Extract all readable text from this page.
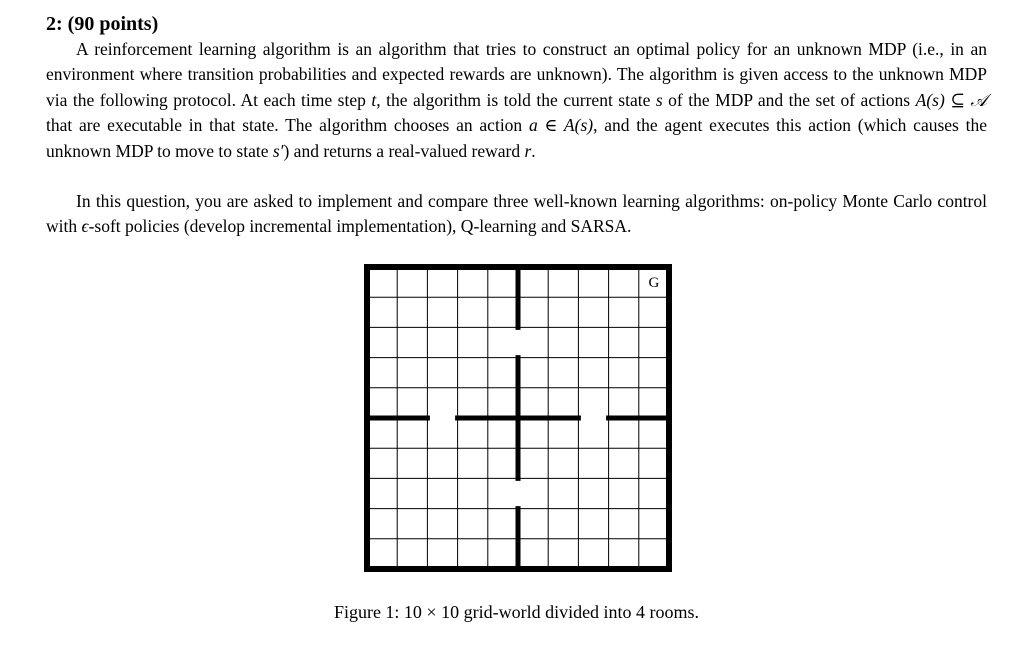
2: (90 points)

A reinforcement learning algorithm is an algorithm that tries to construct an optimal policy for an unknown MDP (i.e., in an environment where transition probabilities and expected rewards are unknown). The algorithm is given access to the unknown MDP via the following protocol. At each time step t, the algorithm is told the current state s of the MDP and the set of actions A(s) ⊆ 𝒜 that are executable in that state. The algorithm chooses an action a ∈ A(s), and the agent executes this action (which causes the unknown MDP to move to state s′) and returns a real-valued reward r.

In this question, you are asked to implement and compare three well-known learning algorithms: on-policy Monte Carlo control with ϵ-soft policies (develop incremental implementation), Q-learning and SARSA.

G
Figure 1: 10 × 10 grid-world divided into 4 rooms.
